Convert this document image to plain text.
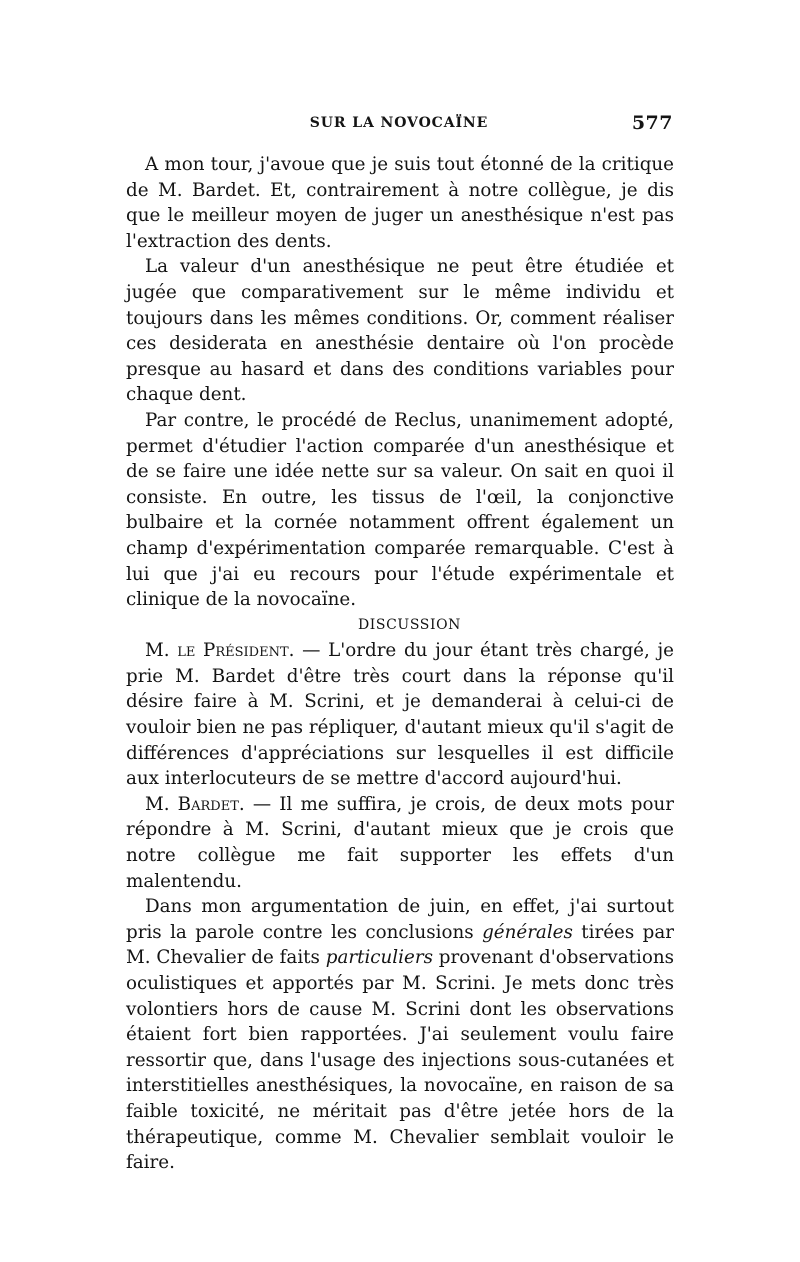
SUR LA NOVOCAÏNE	577

A mon tour, j'avoue que je suis tout étonné de la critique de M. Bardet. Et, contrairement à notre collègue, je dis que le meilleur moyen de juger un anesthésique n'est pas l'extraction des dents.

La valeur d'un anesthésique ne peut être étudiée et jugée que comparativement sur le même individu et toujours dans les mêmes conditions. Or, comment réaliser ces desiderata en anesthésie dentaire où l'on procède presque au hasard et dans des conditions variables pour chaque dent.

Par contre, le procédé de Reclus, unanimement adopté, permet d'étudier l'action comparée d'un anesthésique et de se faire une idée nette sur sa valeur. On sait en quoi il consiste. En outre, les tissus de l'œil, la conjonctive bulbaire et la cornée notamment offrent également un champ d'expérimentation comparée remarquable. C'est à lui que j'ai eu recours pour l'étude expérimentale et clinique de la novocaïne.

DISCUSSION

M. le Président. — L'ordre du jour étant très chargé, je prie M. Bardet d'être très court dans la réponse qu'il désire faire à M. Scrini, et je demanderai à celui-ci de vouloir bien ne pas répliquer, d'autant mieux qu'il s'agit de différences d'appréciations sur lesquelles il est difficile aux interlocuteurs de se mettre d'accord aujourd'hui.

M. Bardet. — Il me suffira, je crois, de deux mots pour répondre à M. Scrini, d'autant mieux que je crois que notre collègue me fait supporter les effets d'un malentendu.

Dans mon argumentation de juin, en effet, j'ai surtout pris la parole contre les conclusions générales tirées par M. Chevalier de faits particuliers provenant d'observations oculistiques et apportés par M. Scrini. Je mets donc très volontiers hors de cause M. Scrini dont les observations étaient fort bien rapportées. J'ai seulement voulu faire ressortir que, dans l'usage des injections sous-cutanées et interstitielles anesthésiques, la novocaïne, en raison de sa faible toxicité, ne méritait pas d'être jetée hors de la thérapeutique, comme M. Chevalier semblait vouloir le faire.
